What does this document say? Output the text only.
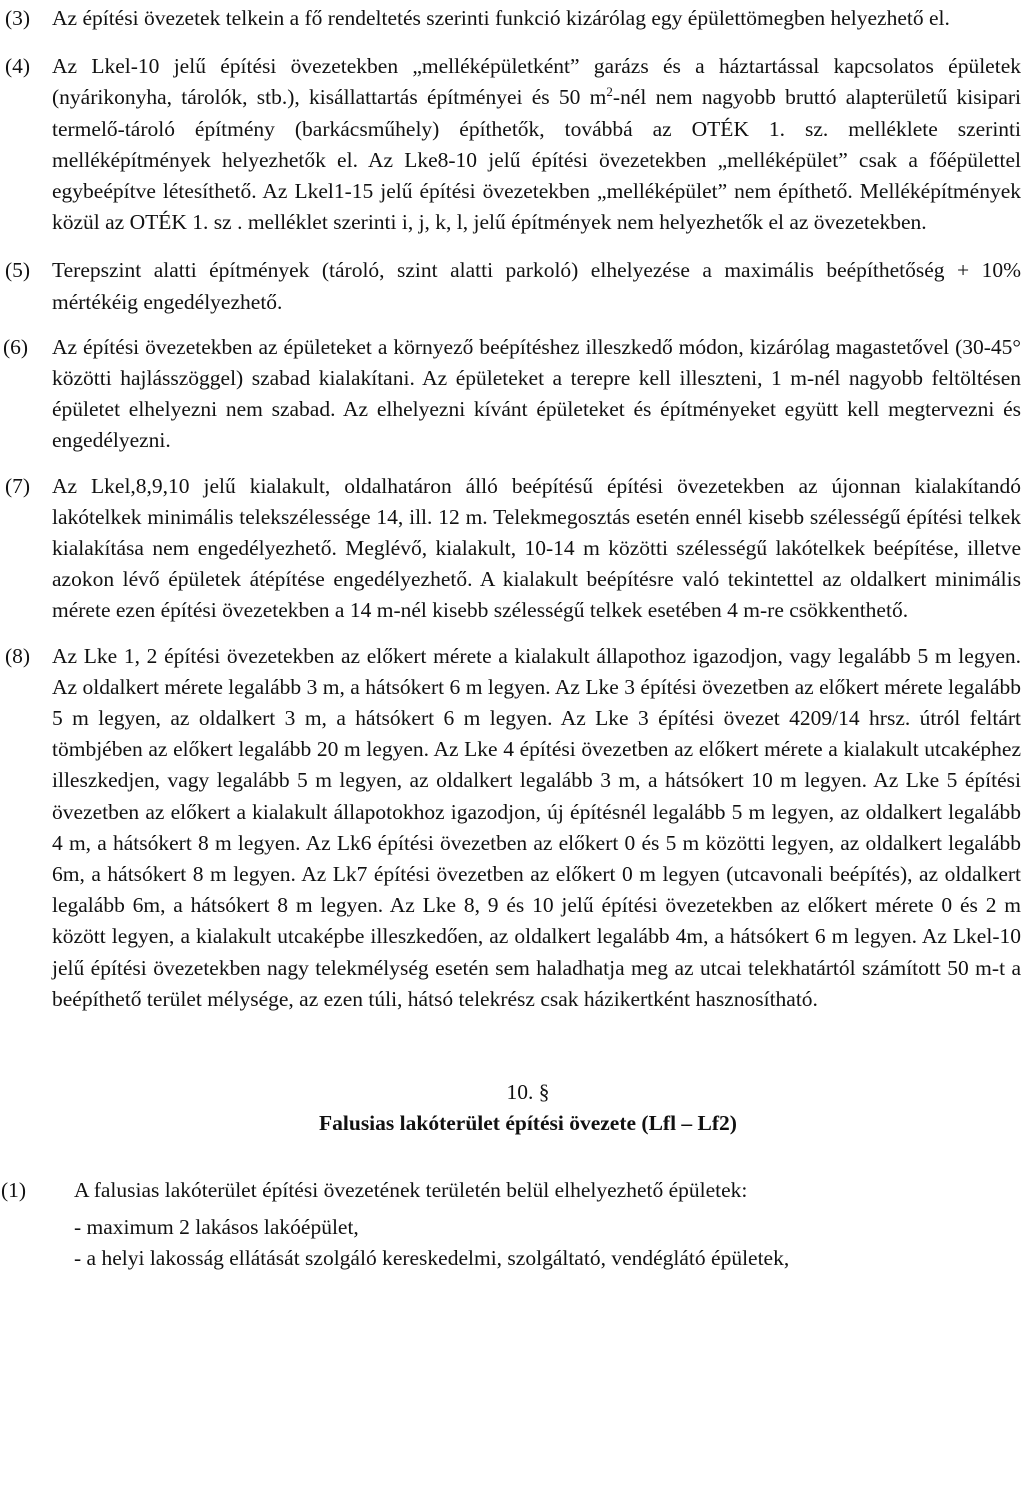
(3) Az építési övezetek telkein a fő rendeltetés szerinti funkció kizárólag egy épülettömegben helyezhető el.

(4) Az Lkel-10 jelű építési övezetekben „melléképületként” garázs és a háztartással kapcsolatos épületek (nyárikonyha, tárolók, stb.), kisállattartás építményei és 50 $m^2$-nél nem nagyobb bruttó alapterületű kisipari termelő-tároló építmény (barkácsműhely) építhetők, továbbá az OTÉK 1. sz. melléklete szerinti melléképítmények helyezhetők el. Az Lke8-10 jelű építési övezetekben „melléképület” csak a főépülettel egybeépítve létesíthető. Az Lkel1-15 jelű építési övezetekben „melléképület” nem építhető. Melléképítmények közül az OTÉK 1. sz . melléklet szerinti i, j, k, l, jelű építmények nem helyezhetők el az övezetekben.

(5) Terepszint alatti építmények (tároló, szint alatti parkoló) elhelyezése a maximális beépíthetőség + 10% mértékéig engedélyezhető.

(6) Az építési övezetekben az épületeket a környező beépítéshez illeszkedő módon, kizárólag magastetővel (30-45° közötti hajlásszöggel) szabad kialakítani. Az épületeket a terepre kell illeszteni, 1 m-nél nagyobb feltöltésen épületet elhelyezni nem szabad. Az elhelyezni kívánt épületeket és építményeket együtt kell megtervezni és engedélyezni.

(7) Az Lkel,8,9,10 jelű kialakult, oldalhatáron álló beépítésű építési övezetekben az újonnan kialakítandó lakótelkek minimális telekszélessége 14, ill. 12 m. Telekmegosztás esetén ennél kisebb szélességű építési telkek kialakítása nem engedélyezhető. Meglévő, kialakult, 10-14 m közötti szélességű lakótelkek beépítése, illetve azokon lévő épületek átépítése engedélyezhető. A kialakult beépítésre való tekintettel az oldalkert minimális mérete ezen építési övezetekben a 14 m-nél kisebb szélességű telkek esetében 4 m-re csökkenthető.

(8) Az Lke 1, 2 építési övezetekben az előkert mérete a kialakult állapothoz igazodjon, vagy legalább 5 m legyen. Az oldalkert mérete legalább 3 m, a hátsókert 6 m legyen. Az Lke 3 építési övezetben az előkert mérete legalább 5 m legyen, az oldalkert 3 m, a hátsókert 6 m legyen. Az Lke 3 építési övezet 4209/14 hrsz. útról feltárt tömbjében az előkert legalább 20 m legyen. Az Lke 4 építési övezetben az előkert mérete a kialakult utcaképhez illeszkedjen, vagy legalább 5 m legyen, az oldalkert legalább 3 m, a hátsókert 10 m legyen. Az Lke 5 építési övezetben az előkert a kialakult állapotokhoz igazodjon, új építésnél legalább 5 m legyen, az oldalkert legalább 4 m, a hátsókert 8 m legyen. Az Lk6 építési övezetben az előkert 0 és 5 m közötti legyen, az oldalkert legalább 6m, a hátsókert 8 m legyen. Az Lk7 építési övezetben az előkert 0 m legyen (utcavonali beépítés), az oldalkert legalább 6m, a hátsókert 8 m legyen. Az Lke 8, 9 és 10 jelű építési övezetekben az előkert mérete 0 és 2 m között legyen, a kialakult utcaképbe illeszkedően, az oldalkert legalább 4m, a hátsókert 6 m legyen. Az Lkel-10 jelű építési övezetekben nagy telekmélység esetén sem haladhatja meg az utcai telekhatártól számított 50 m-t a beépíthető terület mélysége, az ezen túli, hátsó telekrész csak házikertként hasznosítható.

10. §
Falusias lakóterület építési övezete (Lfl – Lf2)

(1) A falusias lakóterület építési övezetének területén belül elhelyezhető épületek:

- maximum 2 lakásos lakóépület,
- a helyi lakosság ellátását szolgáló kereskedelmi, szolgáltató, vendéglátó épületek,
